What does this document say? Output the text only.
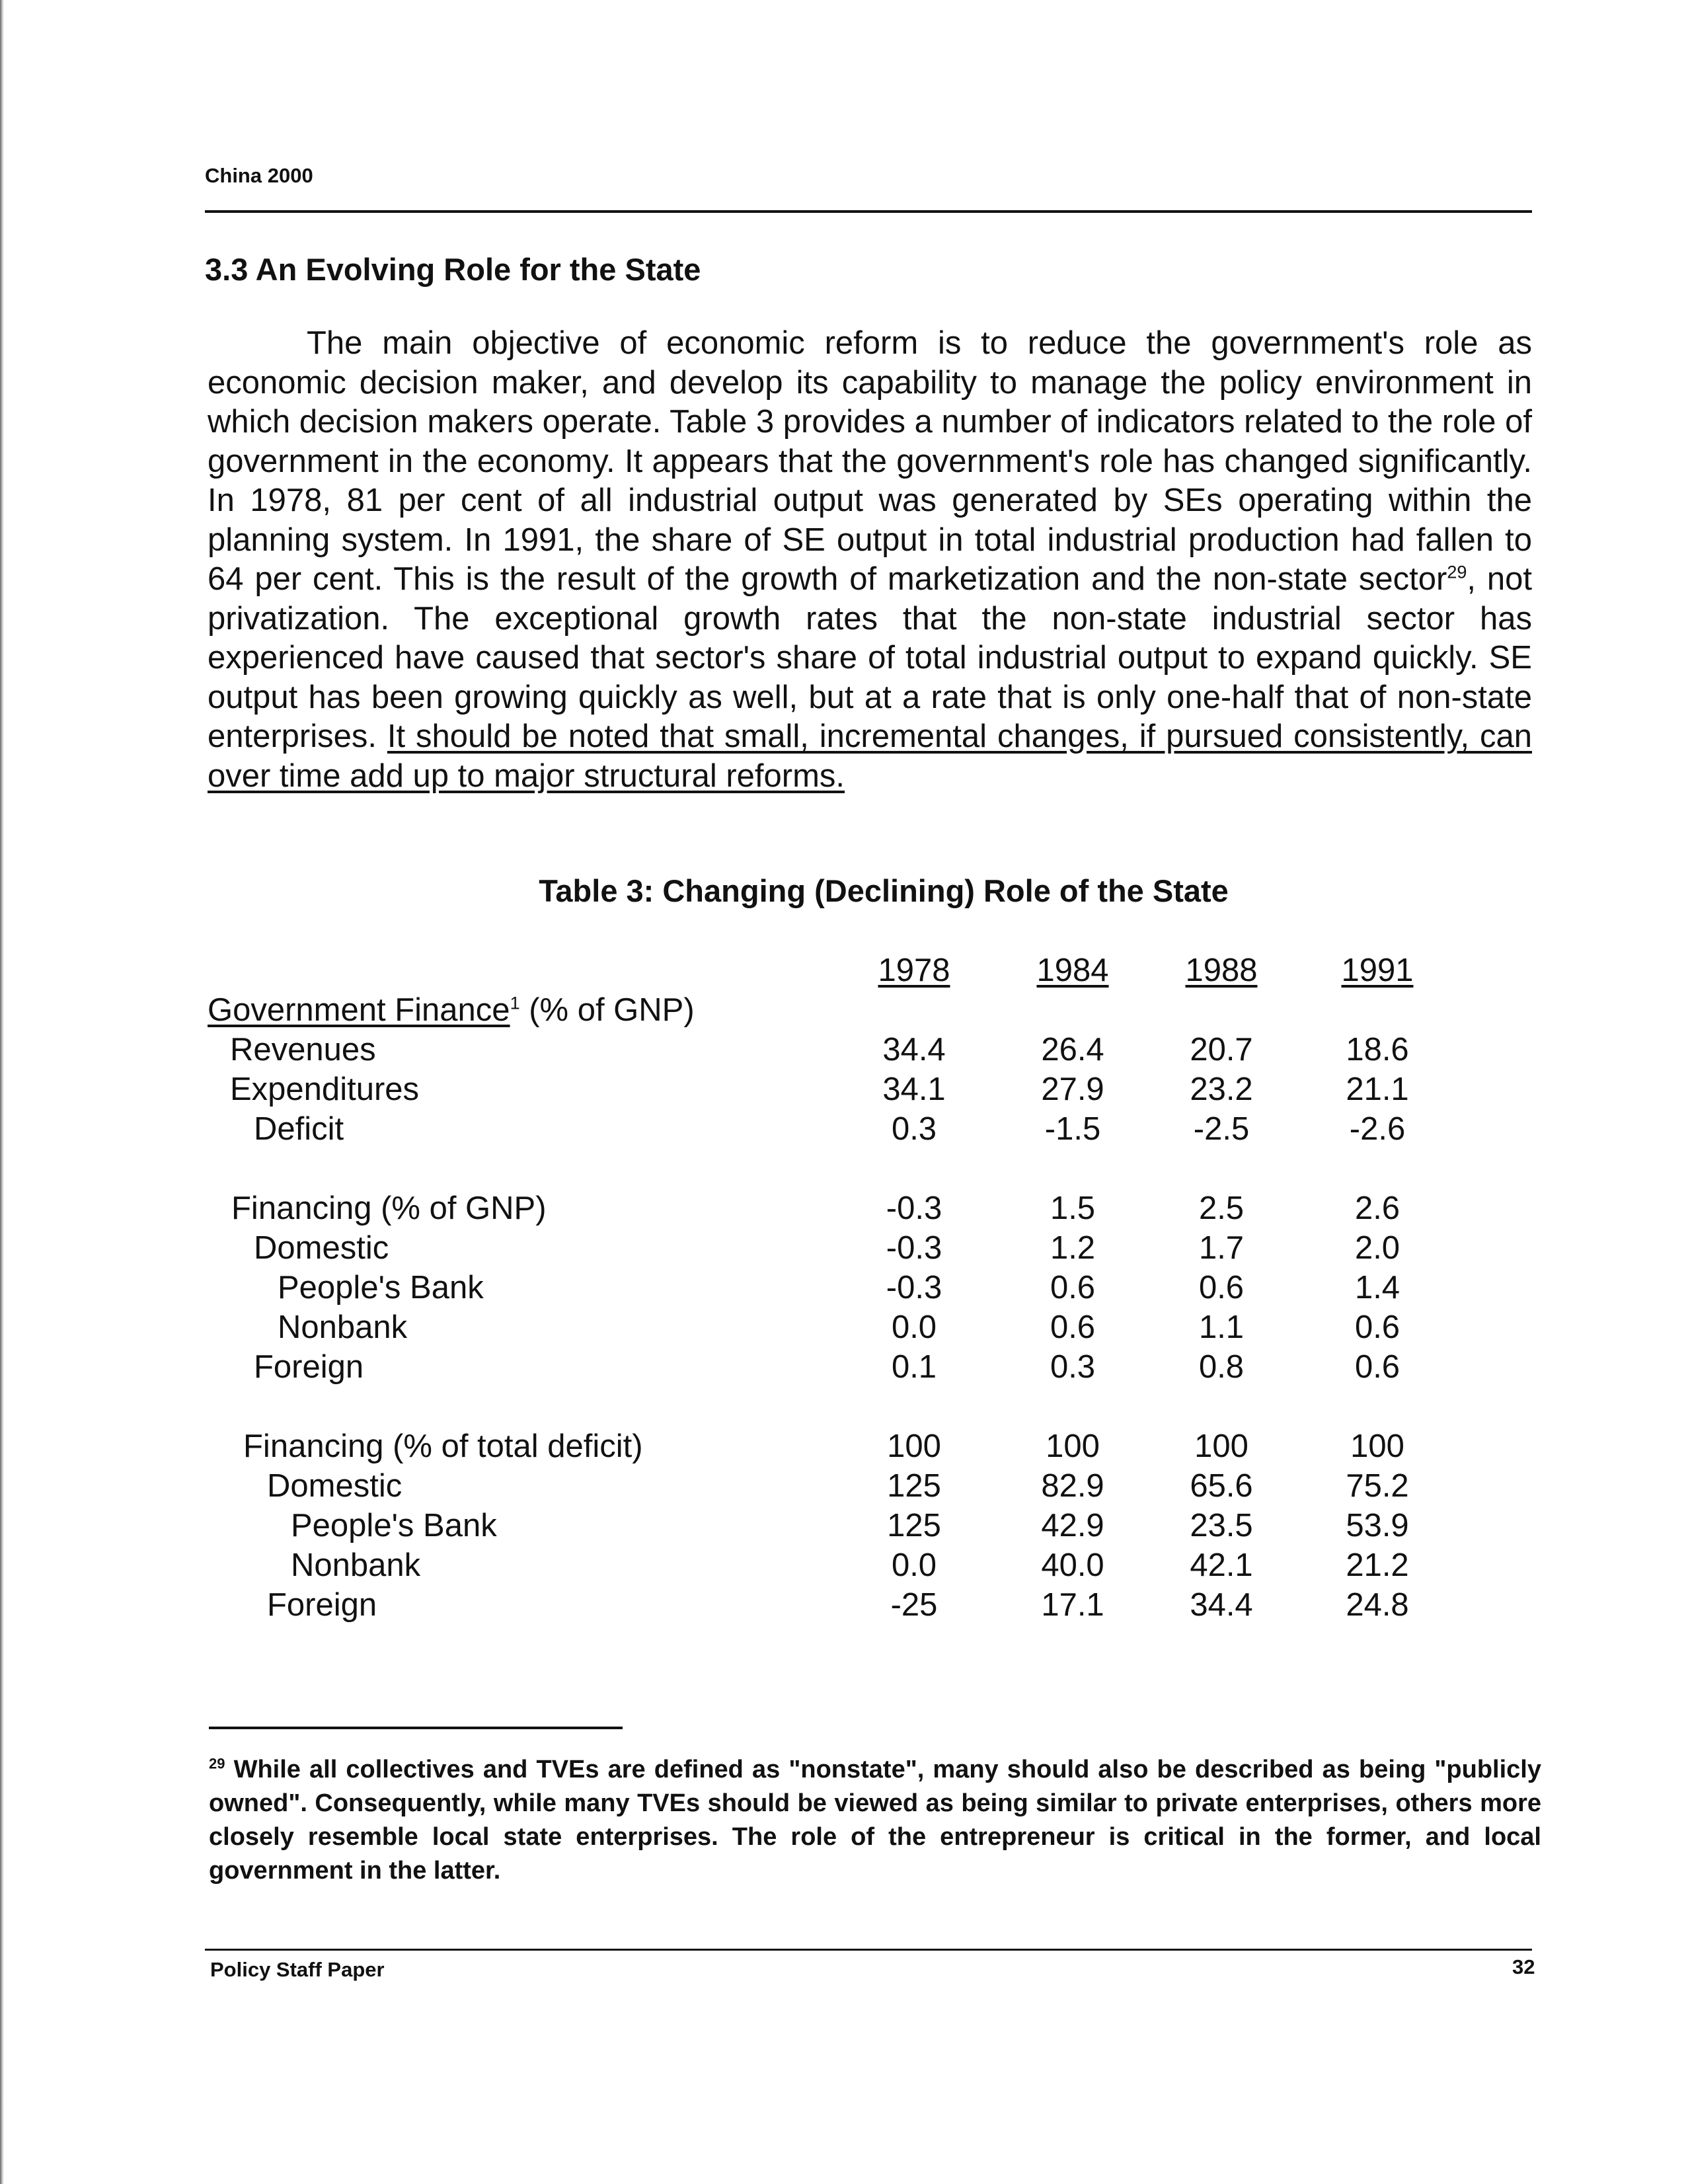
China 2000
3.3 An Evolving Role for the State
The main objective of economic reform is to reduce the government's role as economic decision maker, and develop its capability to manage the policy environment in which decision makers operate. Table 3 provides a number of indicators related to the role of government in the economy. It appears that the government's role has changed significantly. In 1978, 81 per cent of all industrial output was generated by SEs operating within the planning system. In 1991, the share of SE output in total industrial production had fallen to 64 per cent. This is the result of the growth of marketization and the non-state sector$^{29}$, not privatization. The exceptional growth rates that the non-state industrial sector has experienced have caused that sector's share of total industrial output to expand quickly. SE output has been growing quickly as well, but at a rate that is only one-half that of non-state enterprises. It should be noted that small, incremental changes, if pursued consistently, can over time add up to major structural reforms.
Table 3: Changing (Declining) Role of the State
1978	1984	1988	1991
Government Finance$^1$ (% of GNP)
Revenues	34.4	26.4	20.7	18.6
Expenditures	34.1	27.9	23.2	21.1
Deficit	0.3	-1.5	-2.5	-2.6
Financing (% of GNP)	-0.3	1.5	2.5	2.6
Domestic	-0.3	1.2	1.7	2.0
People's Bank	-0.3	0.6	0.6	1.4
Nonbank	0.0	0.6	1.1	0.6
Foreign	0.1	0.3	0.8	0.6
Financing (% of total deficit)	100	100	100	100
Domestic	125	82.9	65.6	75.2
People's Bank	125	42.9	23.5	53.9
Nonbank	0.0	40.0	42.1	21.2
Foreign	-25	17.1	34.4	24.8
$^{29}$ While all collectives and TVEs are defined as "nonstate", many should also be described as being "publicly owned". Consequently, while many TVEs should be viewed as being similar to private enterprises, others more closely resemble local state enterprises. The role of the entrepreneur is critical in the former, and local government in the latter.
Policy Staff Paper	32
